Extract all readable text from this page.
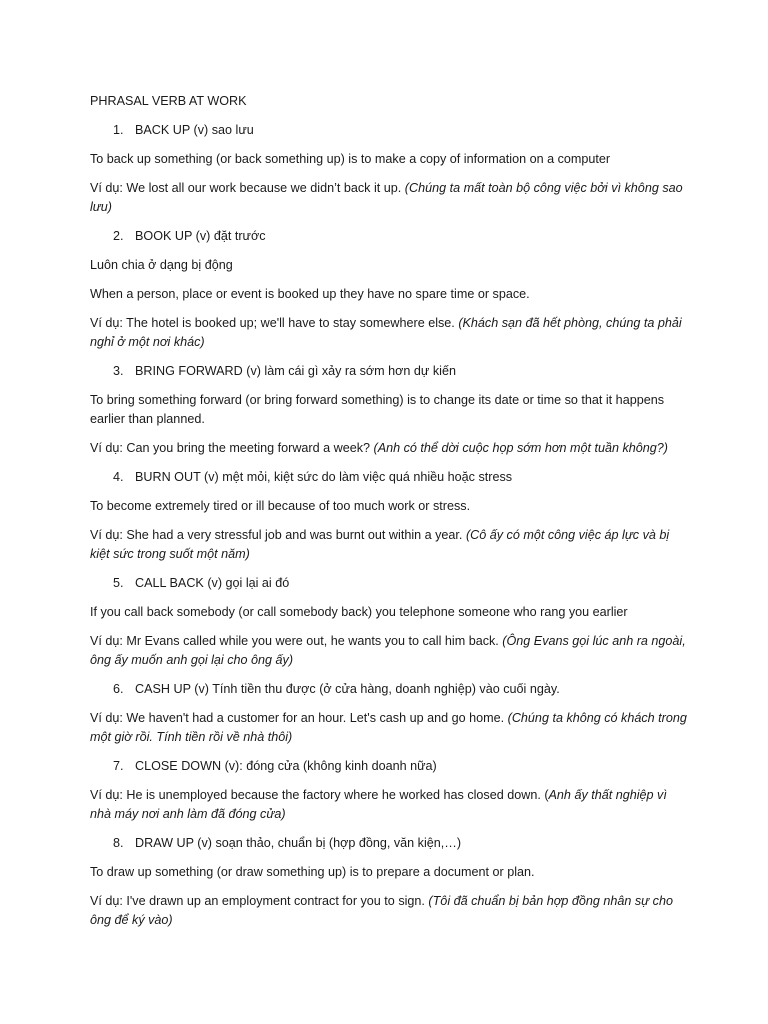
PHRASAL VERB AT WORK

1. BACK UP (v) sao lưu

To back up something (or back something up) is to make a copy of information on a computer

Ví dụ: We lost all our work because we didn’t back it up. (Chúng ta mất toàn bộ công việc bởi vì không sao lưu)

2. BOOK UP (v) đặt trước

Luôn chia ở dạng bị động

When a person, place or event is booked up they have no spare time or space.

Ví dụ: The hotel is booked up; we'll have to stay somewhere else. (Khách sạn đã hết phòng, chúng ta phải nghỉ ở một nơi khác)

3. BRING FORWARD (v) làm cái gì xảy ra sớm hơn dự kiến

To bring something forward (or bring forward something) is to change its date or time so that it happens earlier than planned.

Ví dụ: Can you bring the meeting forward a week? (Anh có thể dời cuộc họp sớm hơn một tuần không?)

4. BURN OUT (v) mệt mỏi, kiệt sức do làm việc quá nhiều hoặc stress

To become extremely tired or ill because of too much work or stress.

Ví dụ: She had a very stressful job and was burnt out within a year. (Cô ấy có một công việc áp lực và bị kiệt sức trong suốt một năm)

5. CALL BACK (v) gọi lại ai đó

If you call back somebody (or call somebody back) you telephone someone who rang you earlier

Ví dụ: Mr Evans called while you were out, he wants you to call him back. (Ông Evans gọi lúc anh ra ngoài, ông ấy muốn anh gọi lại cho ông ấy)

6. CASH UP (v) Tính tiền thu được (ở cửa hàng, doanh nghiệp) vào cuối ngày.

Ví dụ: We haven't had a customer for an hour. Let's cash up and go home. (Chúng ta không có khách trong một giờ rồi. Tính tiền rồi về nhà thôi)

7. CLOSE DOWN (v): đóng cửa (không kinh doanh nữa)

Ví dụ: He is unemployed because the factory where he worked has closed down. (Anh ấy thất nghiệp vì nhà máy nơi anh làm đã đóng cửa)

8. DRAW UP (v) soạn thảo, chuẩn bị (hợp đồng, văn kiện,…)

To draw up something (or draw something up) is to prepare a document or plan.

Ví dụ: I've drawn up an employment contract for you to sign. (Tôi đã chuẩn bị bản hợp đồng nhân sự cho ông để ký vào)
